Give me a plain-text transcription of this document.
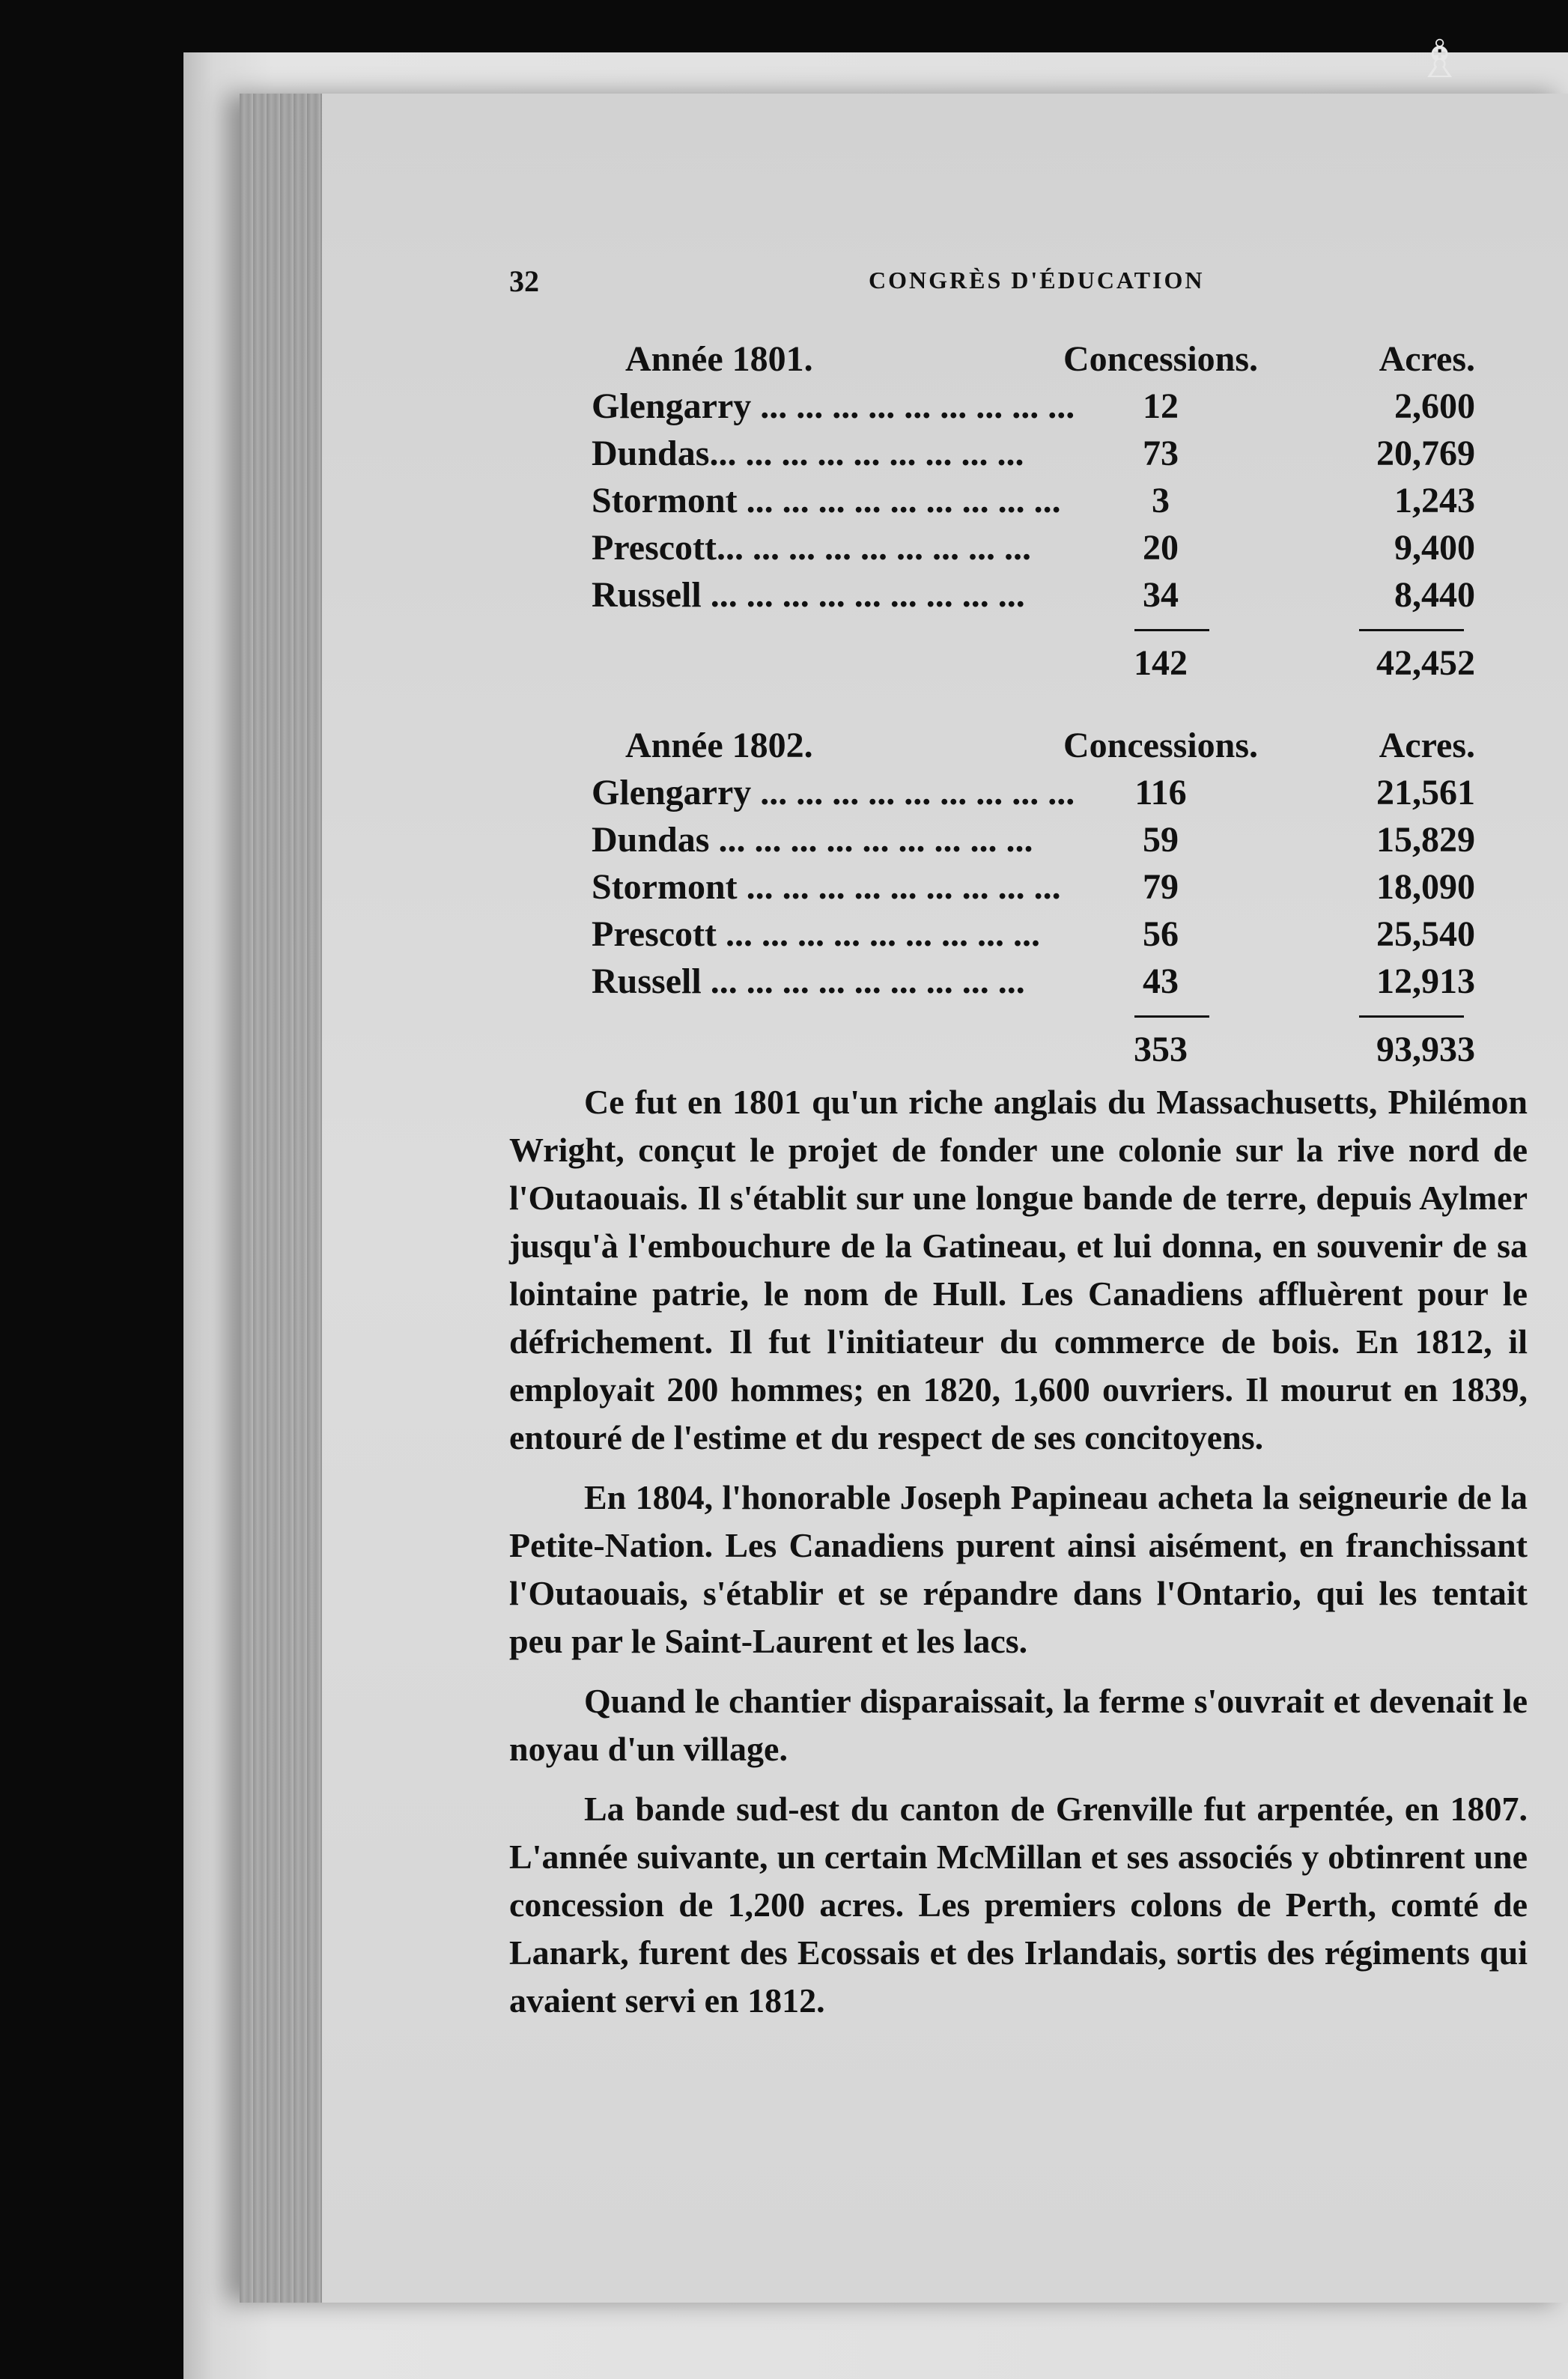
♗
32	CONGRÈS D'ÉDUCATION
Année 1801.	Concessions.	Acres.
Glengarry ... ... ... ... ... ... ... ... ...	12	2,600
Dundas... ... ... ... ... ... ... ... ...	73	20,769
Stormont ... ... ... ... ... ... ... ... ...	3	1,243
Prescott... ... ... ... ... ... ... ... ...	20	9,400
Russell ... ... ... ... ... ... ... ... ...	34	8,440
142	42,452
Année 1802.	Concessions.	Acres.
Glengarry ... ... ... ... ... ... ... ... ...	116	21,561
Dundas ... ... ... ... ... ... ... ... ...	59	15,829
Stormont ... ... ... ... ... ... ... ... ...	79	18,090
Prescott ... ... ... ... ... ... ... ... ...	56	25,540
Russell ... ... ... ... ... ... ... ... ...	43	12,913
353	93,933

Ce fut en 1801 qu'un riche anglais du Massachusetts, Philémon Wright, conçut le projet de fonder une colonie sur la rive nord de l'Outaouais. Il s'établit sur une longue bande de terre, depuis Aylmer jusqu'à l'embouchure de la Gatineau, et lui donna, en souvenir de sa lointaine patrie, le nom de Hull. Les Canadiens affluèrent pour le défrichement. Il fut l'initiateur du commerce de bois. En 1812, il employait 200 hommes; en 1820, 1,600 ouvriers. Il mourut en 1839, entouré de l'estime et du respect de ses concitoyens.

En 1804, l'honorable Joseph Papineau acheta la seigneurie de la Petite-Nation. Les Canadiens purent ainsi aisément, en franchissant l'Outaouais, s'établir et se répandre dans l'Ontario, qui les tentait peu par le Saint-Laurent et les lacs.

Quand le chantier disparaissait, la ferme s'ouvrait et devenait le noyau d'un village.

La bande sud-est du canton de Grenville fut arpentée, en 1807. L'année suivante, un certain McMillan et ses associés y obtinrent une concession de 1,200 acres. Les premiers colons de Perth, comté de Lanark, furent des Ecossais et des Irlandais, sortis des régiments qui avaient servi en 1812.
